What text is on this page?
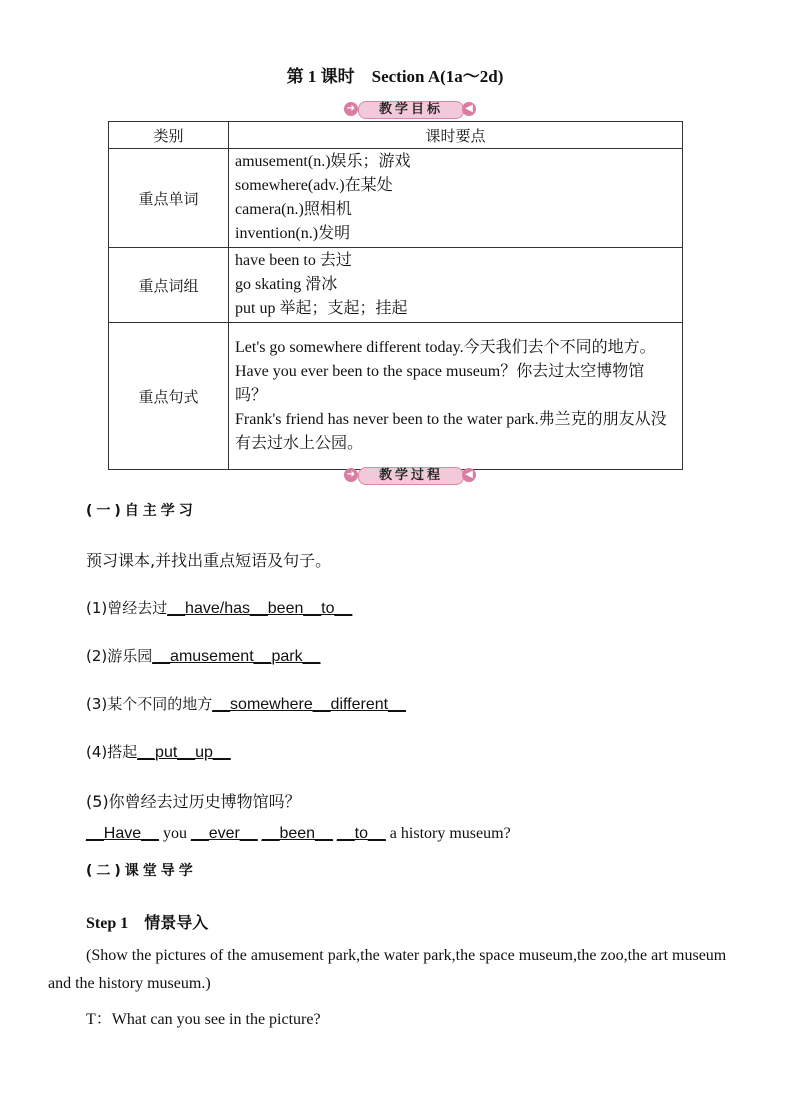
第 1 课时　Section A(1a～2d)
➜	教学目标	◀
类别	课时要点
重点单词	amusement(n.)娱乐；游戏
somewhere(adv.)在某处
camera(n.)照相机
invention(n.)发明

重点词组	have been to 去过
go skating 滑冰
put up 举起；支起；挂起

重点句式	Let's go somewhere different today.今天我们去个不同的地方。
Have you ever been to the space museum？你去过太空博物馆吗？
Frank's friend has never been to the water park.弗兰克的朋友从没有去过水上公园。
➜	教学过程	◀
(一)自主学习
预习课本,并找出重点短语及句子。
(1)曾经去过__have/has__been__to__
(2)游乐园__amusement__park__
(3)某个不同的地方__somewhere__different__
(4)搭起__put__up__
(5)你曾经去过历史博物馆吗？
__Have__ you __ever__ __been__ __to__ a history museum?
(二)课堂导学
Step 1　情景导入
(Show the pictures of the amusement park,the water park,the space museum,the zoo,the art museum and the history museum.)
T：What can you see in the picture?
